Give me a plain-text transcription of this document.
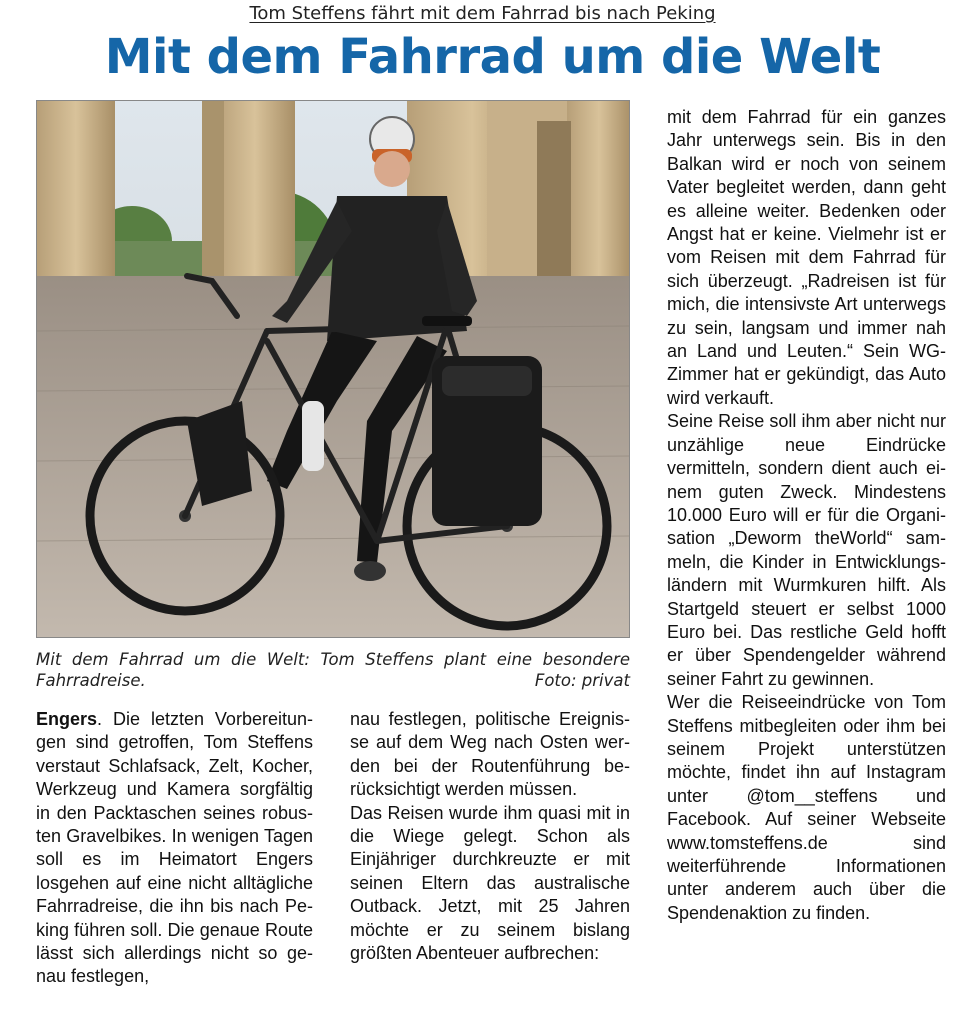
Tom Steffens fährt mit dem Fahrrad bis nach Peking
Mit dem Fahrrad um die Welt
Mit dem Fahrrad um die Welt: Tom Steffens plant eine besondere
Fahrradreise.	Foto: privat

Engers. Die letzten Vorbereitungen sind getroffen, Tom Steffens verstaut Schlafsack, Zelt, Kocher, Werkzeug und Kamera sorgfältig in den Packtaschen seines robusten Gravelbikes. In wenigen Tagen soll es im Heimatort Engers losgehen auf eine nicht alltägliche Fahrradreise, die ihn bis nach Peking führen soll. Die genaue Route lässt sich allerdings nicht so genau festlegen,

nau festlegen, politische Ereignisse auf dem Weg nach Osten werden bei der Routenführung berücksichtigt werden müssen.

Das Reisen wurde ihm quasi mit in die Wiege gelegt. Schon als Einjähriger durchkreuzte er mit seinen Eltern das australische Outback. Jetzt, mit 25 Jahren möchte er zu seinem bislang größten Abenteuer aufbrechen:

mit dem Fahrrad für ein ganzes Jahr unterwegs sein. Bis in den Balkan wird er noch von seinem Vater begleitet werden, dann geht es alleine weiter. Bedenken oder Angst hat er keine. Vielmehr ist er vom Reisen mit dem Fahrrad für sich überzeugt. „Radreisen ist für mich, die intensivste Art unterwegs zu sein, langsam und immer nah an Land und Leuten.“ Sein WG-Zimmer hat er gekündigt, das Auto wird verkauft.

Seine Reise soll ihm aber nicht nur unzählige neue Eindrücke vermitteln, sondern dient auch einem guten Zweck. Mindestens 10.000 Euro will er für die Organisation „Deworm theWorld“ sammeln, die Kinder in Entwicklungsländern mit Wurmkuren hilft. Als Startgeld steuert er selbst 1000 Euro bei. Das restliche Geld hofft er über Spendengelder während seiner Fahrt zu gewinnen.

Wer die Reiseeindrücke von Tom Steffens mitbegleiten oder ihm bei seinem Projekt unterstützen möchte, findet ihn auf Instagram unter @tom__steffens und Facebook. Auf seiner Webseite www.tomsteffens.de sind weiterführende Informationen unter anderem auch über die Spendenaktion zu finden.
